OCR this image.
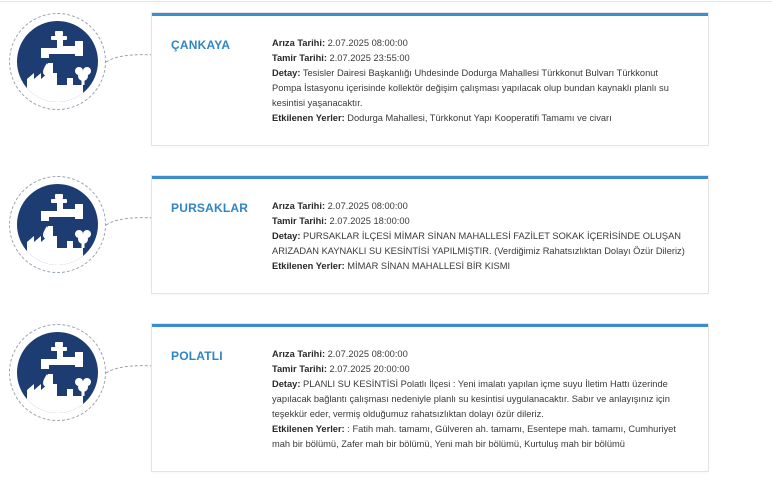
ÇANKAYA	Arıza Tarihi: 2.07.2025 08:00:00

Tamir Tarihi: 2.07.2025 23:55:00

Detay: Tesisler Dairesi Başkanlığı Uhdesinde Dodurga Mahallesi Türkkonut Bulvarı Türkkonut Pompa İstasyonu içerisinde kollektör değişim çalışması yapılacak olup bundan kaynaklı planlı su kesintisi yaşanacaktır.

Etkilenen Yerler: Dodurga Mahallesi, Türkkonut Yapı Kooperatifi Tamamı ve civarı

PURSAKLAR	Arıza Tarihi: 2.07.2025 08:00:00

Tamir Tarihi: 2.07.2025 18:00:00

Detay: PURSAKLAR İLÇESİ MİMAR SİNAN MAHALLESİ FAZİLET SOKAK İÇERİSİNDE OLUŞAN ARIZADAN KAYNAKLI SU KESİNTİSİ YAPILMIŞTIR. (Verdiğimiz Rahatsızlıktan Dolayı Özür Dileriz)

Etkilenen Yerler: MİMAR SİNAN MAHALLESİ BİR KISMI

POLATLI	Arıza Tarihi: 2.07.2025 08:00:00

Tamir Tarihi: 2.07.2025 20:00:00

Detay: PLANLI SU KESİNTİSİ Polatlı İlçesi : Yeni imalatı yapılan içme suyu İletim Hattı üzerinde yapılacak bağlantı çalışması nedeniyle planlı su kesintisi uygulanacaktır. Sabır ve anlayışınız için teşekkür eder, vermiş olduğumuz rahatsızlıktan dolayı özür dileriz.

Etkilenen Yerler: : Fatih mah. tamamı, Gülveren ah. tamamı, Esentepe mah. tamamı, Cumhuriyet mah bir bölümü, Zafer mah bir bölümü, Yeni mah bir bölümü, Kurtuluş mah bir bölümü
